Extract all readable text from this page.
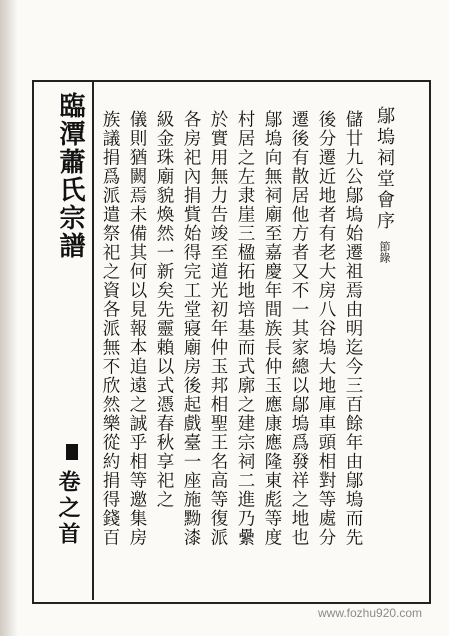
臨潭蕭氏宗譜
卷之首
鄔塢祠堂會序 節錄
儲廿九公鄔塢始遷祖焉由明迄今三百餘年由鄔塢而先
後分遷近地者有老大房八谷塢大地庫車頭相對等處分
遷後有散居他方者又不一其家總以鄔塢爲發祥之地也
鄔塢向無祠廟至嘉慶年間族長仲玉應康應隆東彪等度
村居之左隶崖三楹拓地培基而式廓之建宗祠二進乃纍
於實用無力告竣至道光初年仲玉邦相聖王名高等復派
各房祀內捐貲始得完工堂寢廟房後起戲臺一座施黝漆
級金珠廟貌煥然一新矣先靈賴以式憑春秋享祀之
儀則猶闕焉未備其何以見報本追遠之誠乎相等邀集房
族議捐爲派遣祭祀之資各派無不欣然樂從約捐得錢百
www.fozhu920.com
